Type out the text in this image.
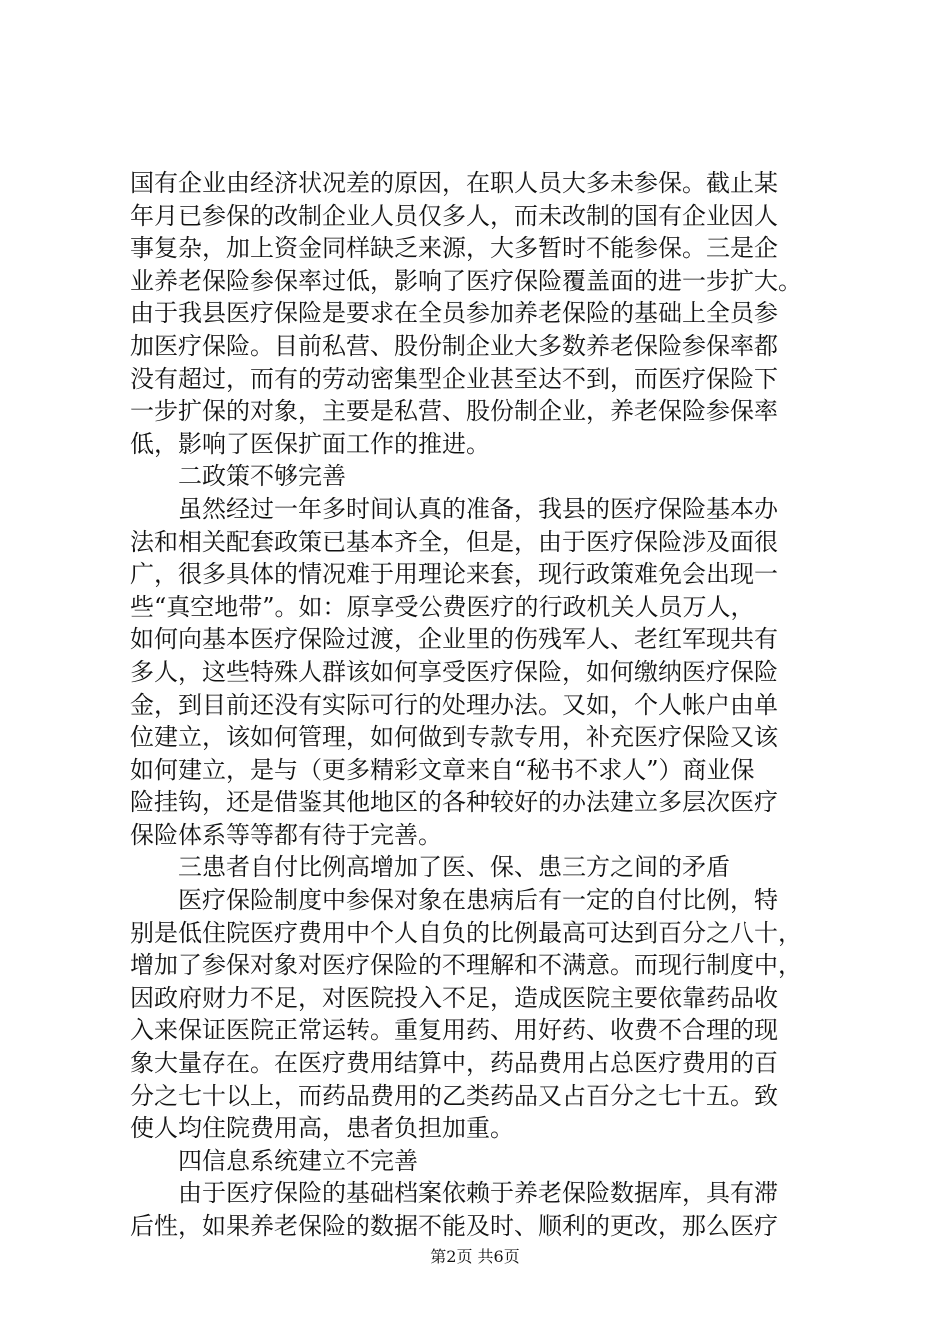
国有企业由经济状况差的原因，在职人员大多未参保。截止某
年月已参保的改制企业人员仅多人，而未改制的国有企业因人
事复杂，加上资金同样缺乏来源，大多暂时不能参保。三是企
业养老保险参保率过低，影响了医疗保险覆盖面的进一步扩大。
由于我县医疗保险是要求在全员参加养老保险的基础上全员参
加医疗保险。目前私营、股份制企业大多数养老保险参保率都
没有超过，而有的劳动密集型企业甚至达不到，而医疗保险下
一步扩保的对象，主要是私营、股份制企业，养老保险参保率
低，影响了医保扩面工作的推进。
二政策不够完善
虽然经过一年多时间认真的准备，我县的医疗保险基本办
法和相关配套政策已基本齐全，但是，由于医疗保险涉及面很
广，很多具体的情况难于用理论来套，现行政策难免会出现一
些“真空地带”。如：原享受公费医疗的行政机关人员万人，
如何向基本医疗保险过渡，企业里的伤残军人、老红军现共有
多人，这些特殊人群该如何享受医疗保险，如何缴纳医疗保险
金，到目前还没有实际可行的处理办法。又如，个人帐户由单
位建立，该如何管理，如何做到专款专用，补充医疗保险又该
如何建立，是与（更多精彩文章来自“秘书不求人”）商业保
险挂钩，还是借鉴其他地区的各种较好的办法建立多层次医疗
保险体系等等都有待于完善。
三患者自付比例高增加了医、保、患三方之间的矛盾
医疗保险制度中参保对象在患病后有一定的自付比例，特
别是低住院医疗费用中个人自负的比例最高可达到百分之八十，
增加了参保对象对医疗保险的不理解和不满意。而现行制度中，
因政府财力不足，对医院投入不足，造成医院主要依靠药品收
入来保证医院正常运转。重复用药、用好药、收费不合理的现
象大量存在。在医疗费用结算中，药品费用占总医疗费用的百
分之七十以上，而药品费用的乙类药品又占百分之七十五。致
使人均住院费用高，患者负担加重。
四信息系统建立不完善
由于医疗保险的基础档案依赖于养老保险数据库，具有滞
后性，如果养老保险的数据不能及时、顺利的更改，那么医疗
第2页 共6页
